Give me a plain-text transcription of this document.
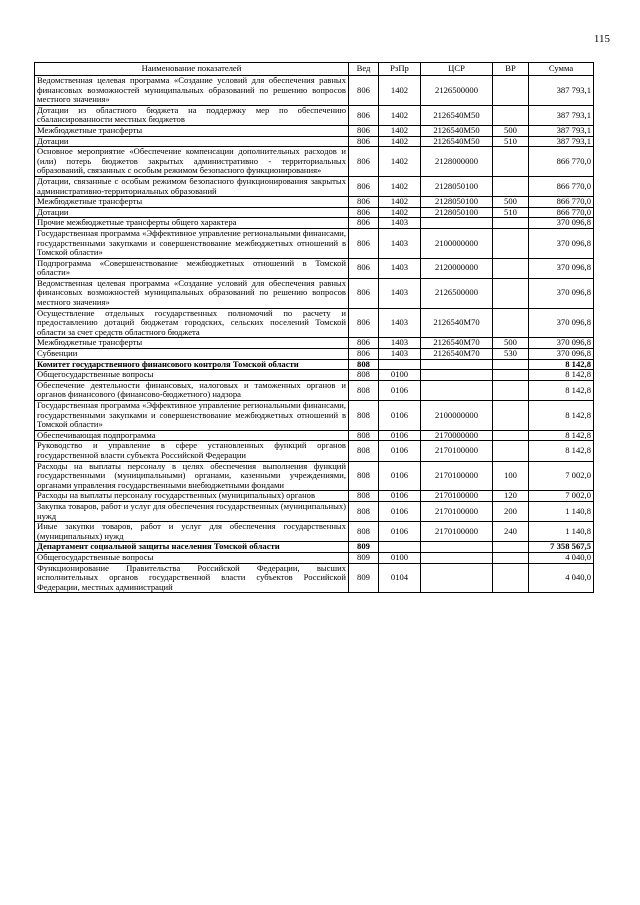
115
Наименование показателей	Вед	РзПр	ЦСР	ВР	Сумма
Ведомственная целевая программа «Создание условий для обеспечения равных финансовых возможностей муниципальных образований по решению вопросов местного значения»	806	1402	2126500000		387 793,1
Дотации из областного бюджета на поддержку мер по обеспечению сбалансированности местных бюджетов	806	1402	2126540М50		387 793,1
Межбюджетные трансферты	806	1402	2126540М50	500	387 793,1
Дотации	806	1402	2126540М50	510	387 793,1
Основное мероприятие «Обеспечение компенсации дополнительных расходов и (или) потерь бюджетов закрытых административно - территориальных образований, связанных с особым режимом безопасного функционирования»	806	1402	2128000000		866 770,0
Дотации, связанные с особым режимом безопасного функционирования закрытых административно-территориальных образований	806	1402	2128050100		866 770,0
Межбюджетные трансферты	806	1402	2128050100	500	866 770,0
Дотации	806	1402	2128050100	510	866 770,0
Прочие межбюджетные трансферты общего характера	806	1403			370 096,8
Государственная программа «Эффективное управление региональными финансами, государственными закупками и совершенствование межбюджетных отношений в Томской области»	806	1403	2100000000		370 096,8
Подпрограмма «Совершенствование межбюджетных отношений в Томской области»	806	1403	2120000000		370 096,8
Ведомственная целевая программа «Создание условий для обеспечения равных финансовых возможностей муниципальных образований по решению вопросов местного значения»	806	1403	2126500000		370 096,8
Осуществление отдельных государственных полномочий по расчету и предоставлению дотаций бюджетам городских, сельских поселений Томской области за счет средств областного бюджета	806	1403	2126540М70		370 096,8
Межбюджетные трансферты	806	1403	2126540М70	500	370 096,8
Субвенции	806	1403	2126540М70	530	370 096,8
Комитет государственного финансового контроля Томской области	808				8 142,8
Общегосударственные вопросы	808	0100			8 142,8
Обеспечение деятельности финансовых, налоговых и таможенных органов и органов финансового (финансово-бюджетного) надзора	808	0106			8 142,8
Государственная программа «Эффективное управление региональными финансами, государственными закупками и совершенствование межбюджетных отношений в Томской области»	808	0106	2100000000		8 142,8
Обеспечивающая подпрограмма	808	0106	2170000000		8 142,8
Руководство и управление в сфере установленных функций органов государственной власти субъекта Российской Федерации	808	0106	2170100000		8 142,8
Расходы на выплаты персоналу в целях обеспечения выполнения функций государственными (муниципальными) органами, казенными учреждениями, органами управления государственными внебюджетными фондами	808	0106	2170100000	100	7 002,0
Расходы на выплаты персоналу государственных (муниципальных) органов	808	0106	2170100000	120	7 002,0
Закупка товаров, работ и услуг для обеспечения государственных (муниципальных) нужд	808	0106	2170100000	200	1 140,8
Иные закупки товаров, работ и услуг для обеспечения государственных (муниципальных) нужд	808	0106	2170100000	240	1 140,8
Департамент социальной защиты населения Томской области	809				7 358 567,5
Общегосударственные вопросы	809	0100			4 040,0
Функционирование Правительства Российской Федерации, высших исполнительных органов государственной власти субъектов Российской Федерации, местных администраций	809	0104			4 040,0
